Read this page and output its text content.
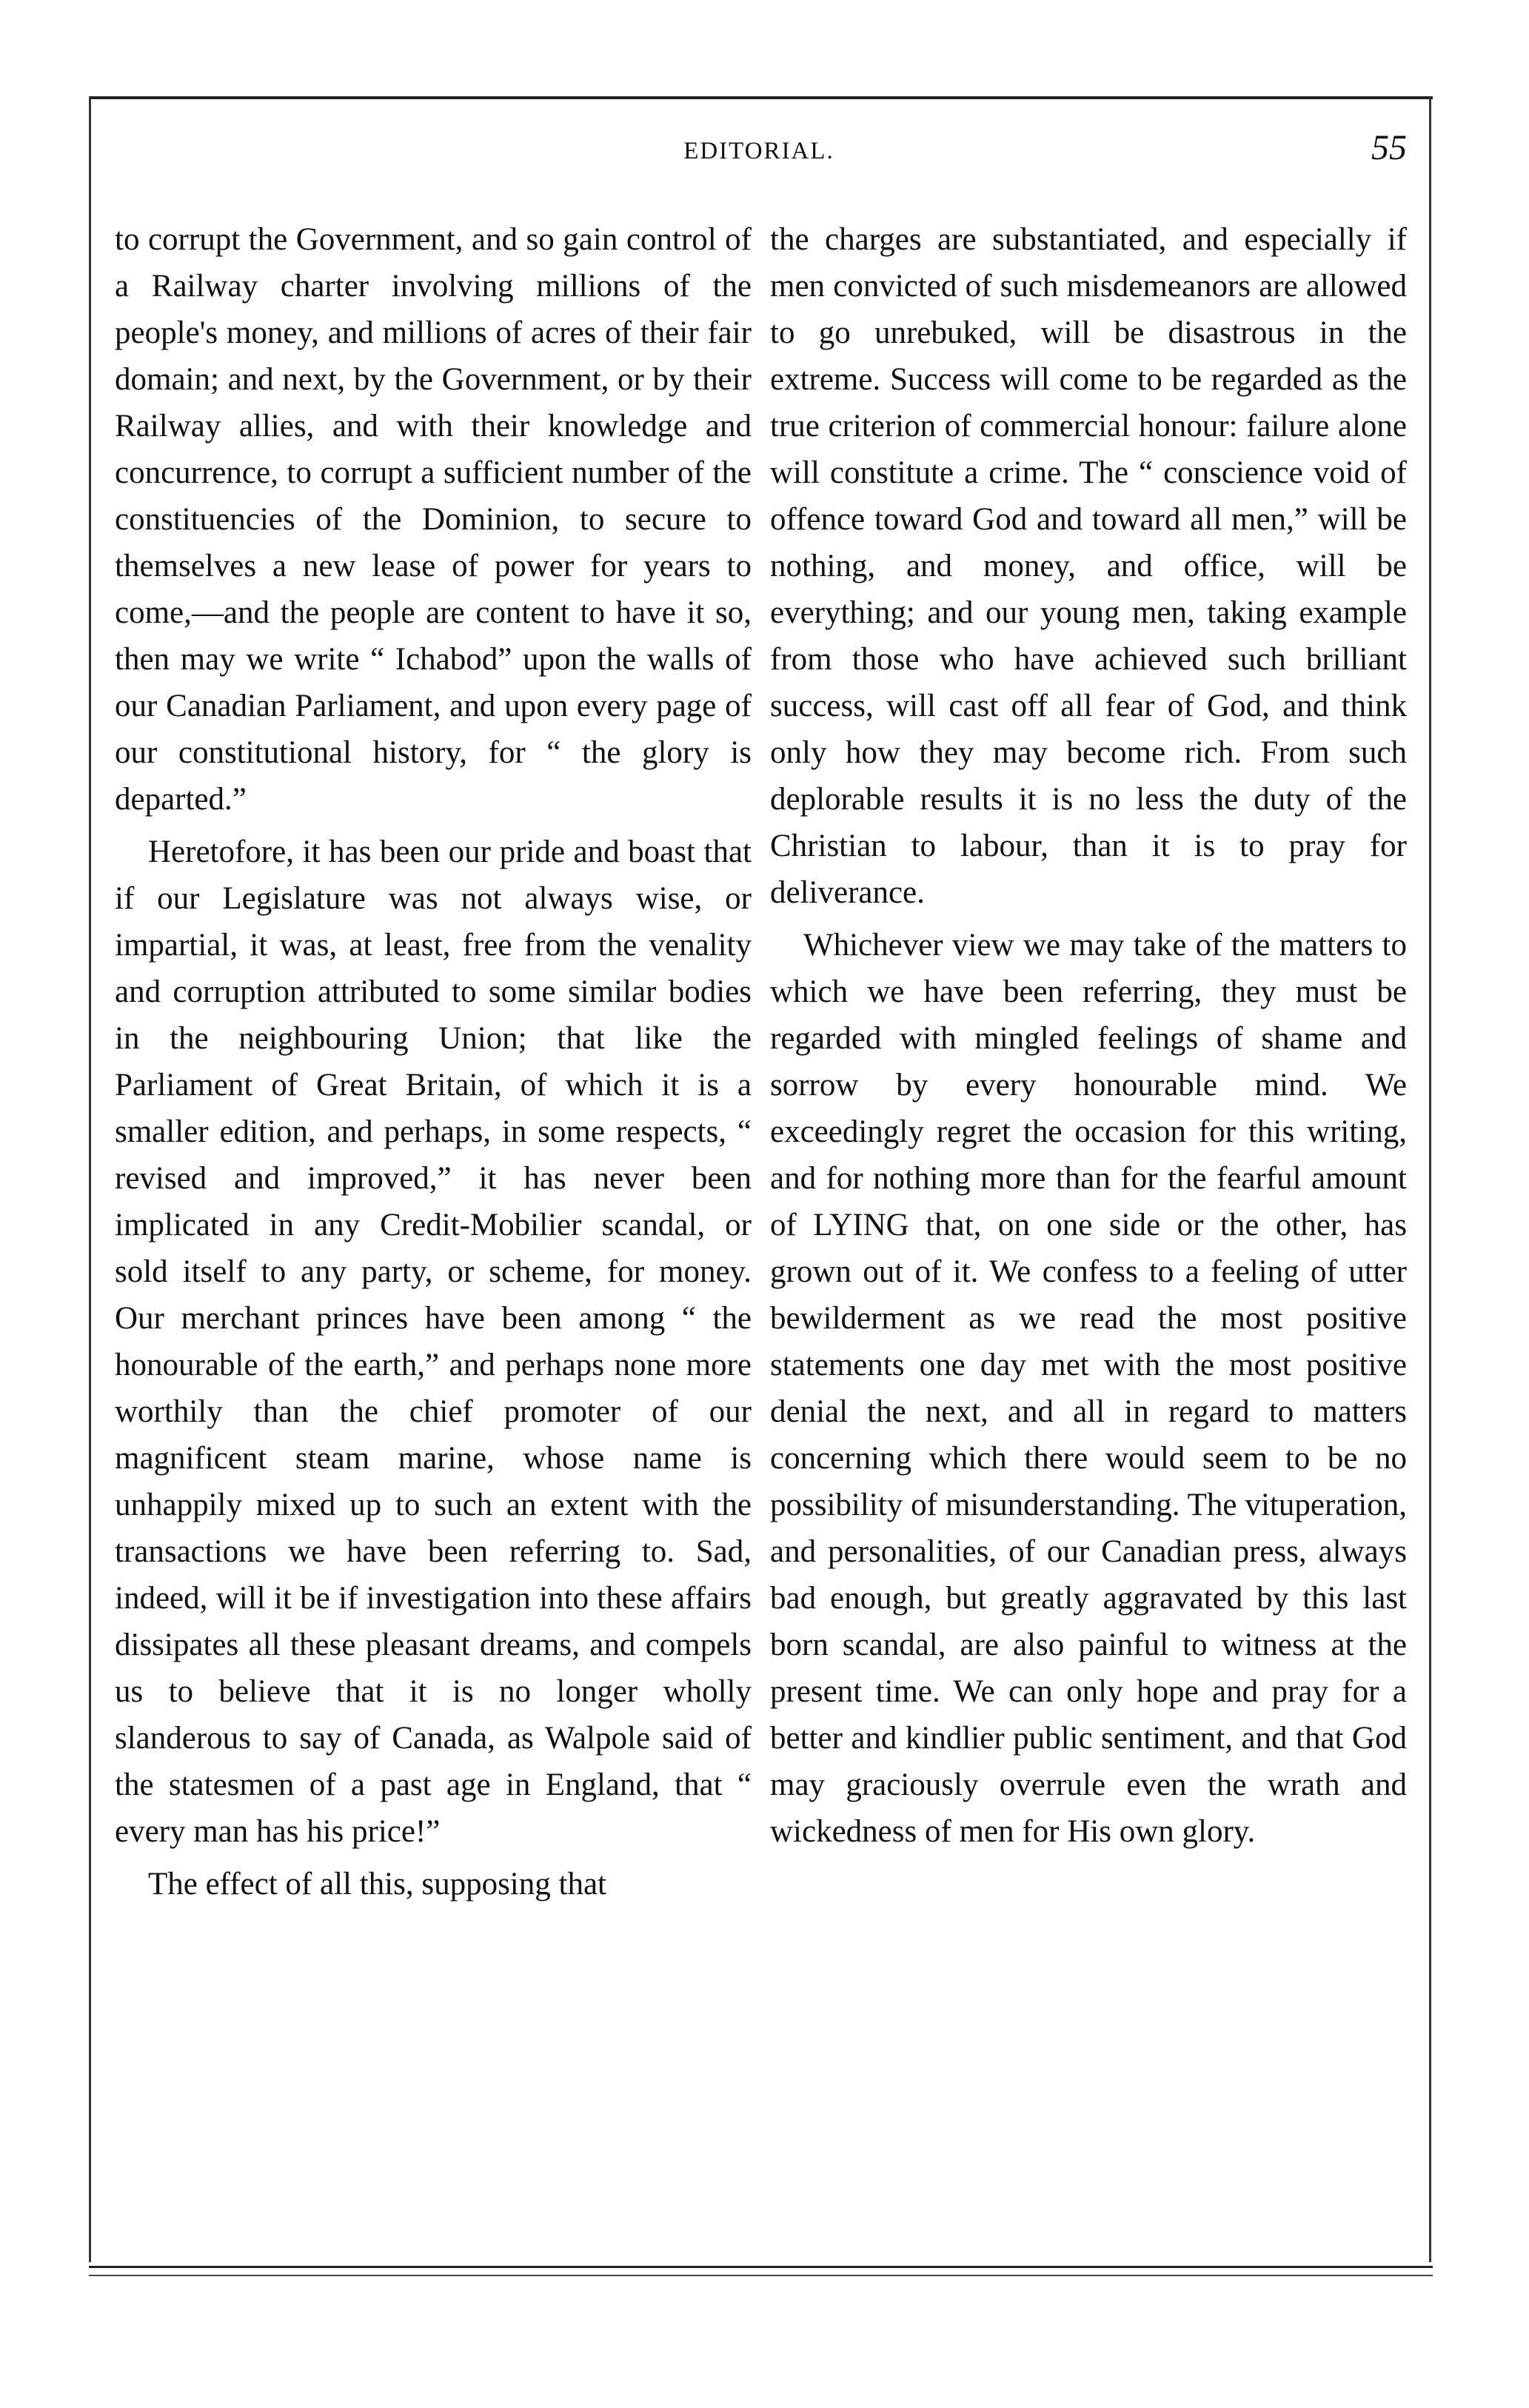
EDITORIAL.	55

to corrupt the Government, and so gain control of a Railway charter involving millions of the people's money, and millions of acres of their fair domain; and next, by the Government, or by their Railway allies, and with their knowledge and concurrence, to corrupt a sufficient number of the constituencies of the Dominion, to secure to themselves a new lease of power for years to come,—and the people are content to have it so, then may we write “ Ichabod” upon the walls of our Canadian Parliament, and upon every page of our constitutional history, for “ the glory is departed.”

Heretofore, it has been our pride and boast that if our Legislature was not always wise, or impartial, it was, at least, free from the venality and corruption attributed to some similar bodies in the neighbouring Union; that like the Parliament of Great Britain, of which it is a smaller edition, and perhaps, in some respects, “ revised and improved,” it has never been implicated in any Credit-Mobilier scandal, or sold itself to any party, or scheme, for money. Our merchant princes have been among “ the honourable of the earth,” and perhaps none more worthily than the chief promoter of our magnificent steam marine, whose name is unhappily mixed up to such an extent with the transactions we have been referring to. Sad, indeed, will it be if investigation into these affairs dissipates all these pleasant dreams, and compels us to believe that it is no longer wholly slanderous to say of Canada, as Walpole said of the statesmen of a past age in England, that “ every man has his price!”

The effect of all this, supposing that

the charges are substantiated, and especially if men convicted of such misdemeanors are allowed to go unrebuked, will be disastrous in the extreme. Success will come to be regarded as the true criterion of commercial honour: failure alone will constitute a crime. The “ conscience void of offence toward God and toward all men,” will be nothing, and money, and office, will be everything; and our young men, taking example from those who have achieved such brilliant success, will cast off all fear of God, and think only how they may become rich. From such deplorable results it is no less the duty of the Christian to labour, than it is to pray for deliverance.

Whichever view we may take of the matters to which we have been referring, they must be regarded with mingled feelings of shame and sorrow by every honourable mind. We exceedingly regret the occasion for this writing, and for nothing more than for the fearful amount of LYING that, on one side or the other, has grown out of it. We confess to a feeling of utter bewilderment as we read the most positive statements one day met with the most positive denial the next, and all in regard to matters concerning which there would seem to be no possibility of misunderstanding. The vituperation, and personalities, of our Canadian press, always bad enough, but greatly aggravated by this last born scandal, are also painful to witness at the present time. We can only hope and pray for a better and kindlier public sentiment, and that God may graciously overrule even the wrath and wickedness of men for His own glory.
